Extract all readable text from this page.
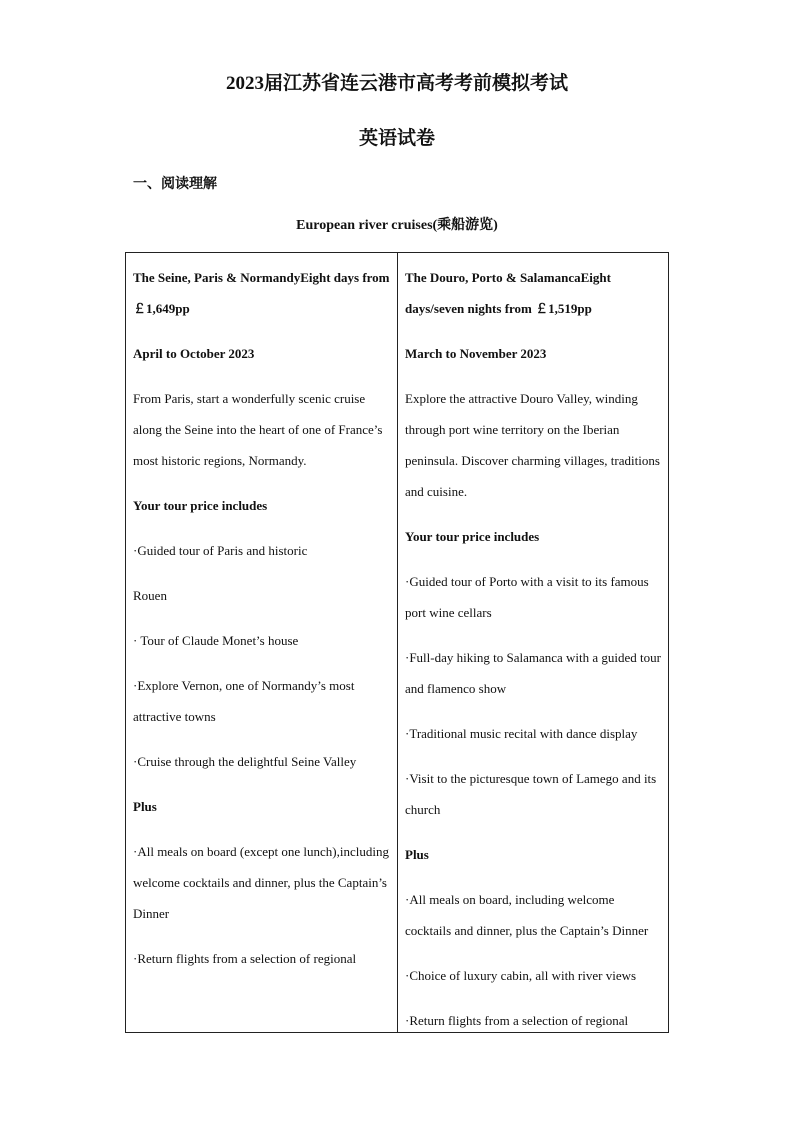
2023届江苏省连云港市高考考前模拟考试
英语试卷
一、阅读理解
European river cruises(乘船游览)

The Seine, Paris & NormandyEight days from ￡1,649pp

April to October 2023

From Paris, start a wonderfully scenic cruise along the Seine into the heart of one of France’s most historic regions, Normandy.

Your tour price includes

·Guided tour of Paris and historic

Rouen

· Tour of Claude Monet’s house

·Explore Vernon, one of Normandy’s most attractive towns

·Cruise through the delightful Seine Valley

Plus

·All meals on board (except one lunch),including welcome cocktails and dinner, plus the Captain’s Dinner

·Return flights from a selection of regional

The Douro, Porto & SalamancaEight days/seven nights from ￡1,519pp

March to November 2023

Explore the attractive Douro Valley, winding through port wine territory on the Iberian peninsula. Discover charming villages, traditions and cuisine.

Your tour price includes

·Guided tour of Porto with a visit to its famous port wine cellars

·Full-day hiking to Salamanca with a guided tour and flamenco show

·Traditional music recital with dance display

·Visit to the picturesque town of Lamego and its church

Plus

·All meals on board, including welcome cocktails and dinner, plus the Captain’s Dinner

·Choice of luxury cabin, all with river views

·Return flights from a selection of regional
